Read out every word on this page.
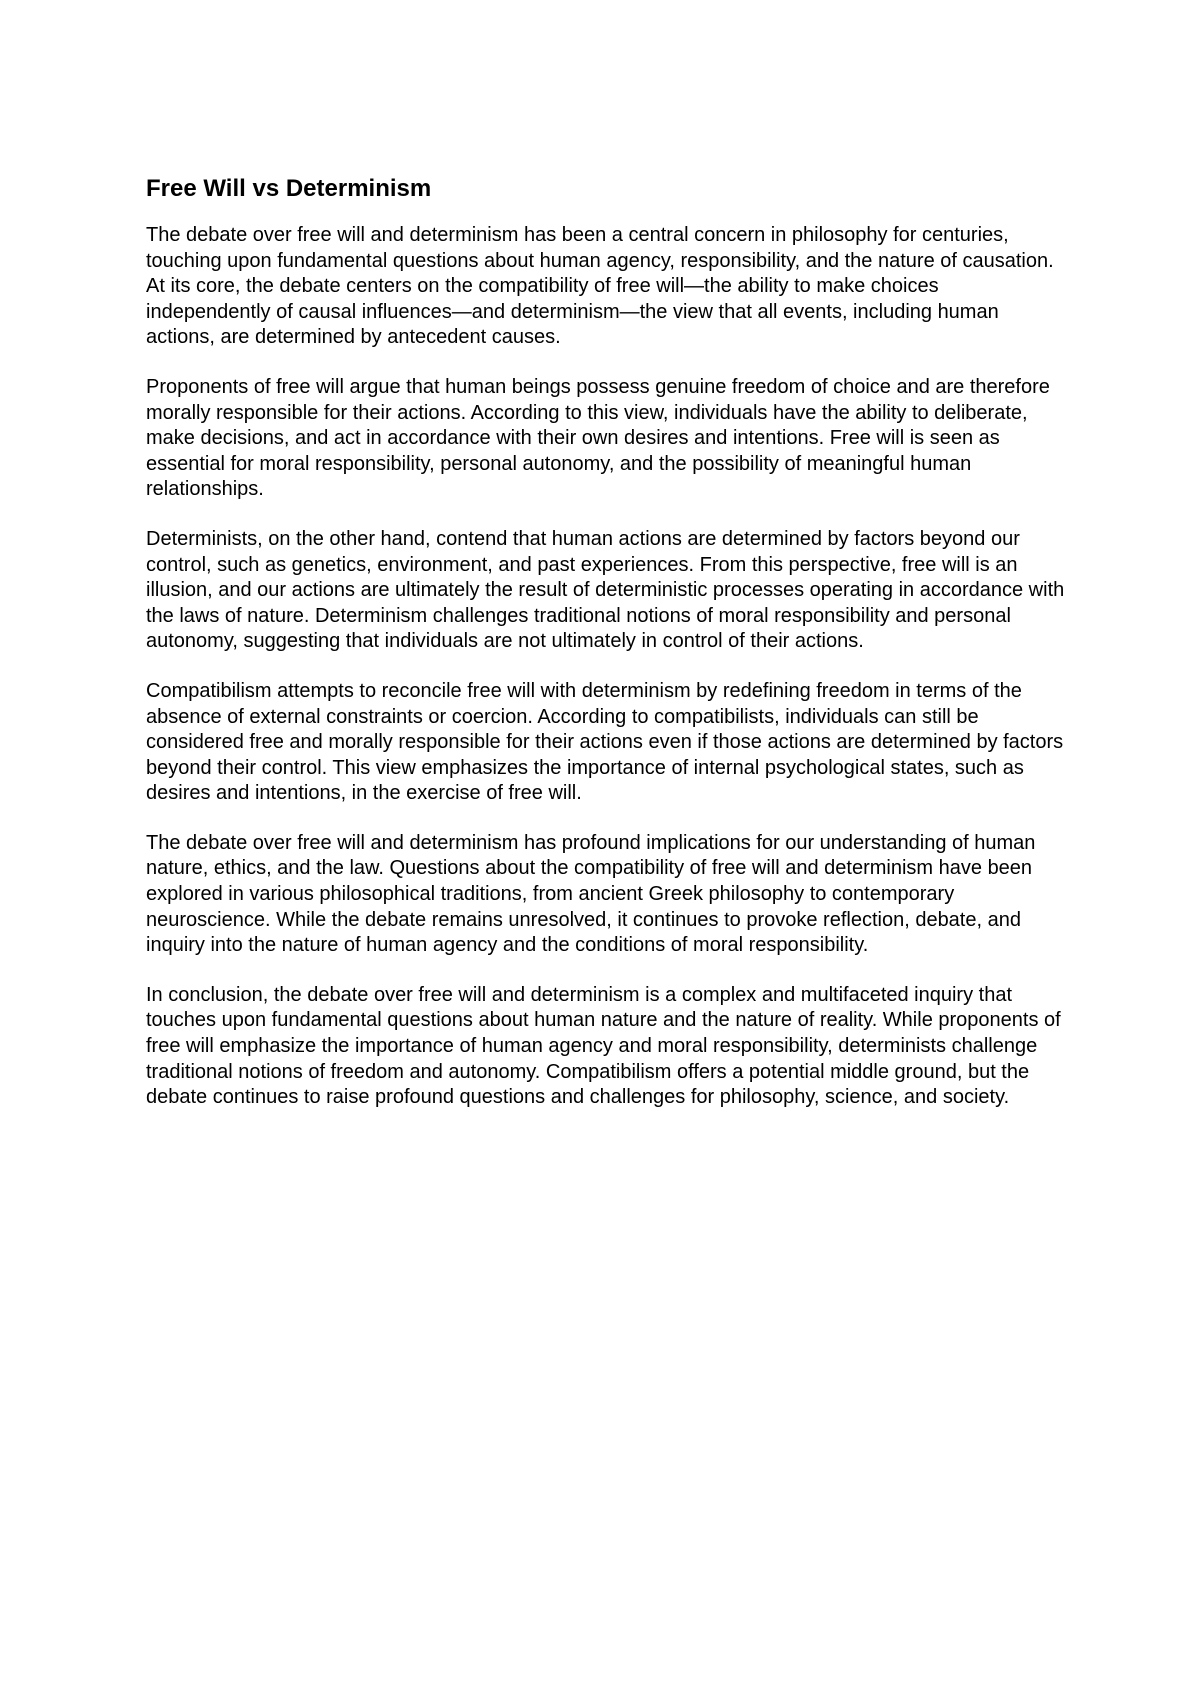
Free Will vs Determinism

The debate over free will and determinism has been a central concern in philosophy for centuries, touching upon fundamental questions about human agency, responsibility, and the nature of causation. At its core, the debate centers on the compatibility of free will—the ability to make choices independently of causal influences—and determinism—the view that all events, including human actions, are determined by antecedent causes.

Proponents of free will argue that human beings possess genuine freedom of choice and are therefore morally responsible for their actions. According to this view, individuals have the ability to deliberate, make decisions, and act in accordance with their own desires and intentions. Free will is seen as essential for moral responsibility, personal autonomy, and the possibility of meaningful human relationships.

Determinists, on the other hand, contend that human actions are determined by factors beyond our control, such as genetics, environment, and past experiences. From this perspective, free will is an illusion, and our actions are ultimately the result of deterministic processes operating in accordance with the laws of nature. Determinism challenges traditional notions of moral responsibility and personal autonomy, suggesting that individuals are not ultimately in control of their actions.

Compatibilism attempts to reconcile free will with determinism by redefining freedom in terms of the absence of external constraints or coercion. According to compatibilists, individuals can still be considered free and morally responsible for their actions even if those actions are determined by factors beyond their control. This view emphasizes the importance of internal psychological states, such as desires and intentions, in the exercise of free will.

The debate over free will and determinism has profound implications for our understanding of human nature, ethics, and the law. Questions about the compatibility of free will and determinism have been explored in various philosophical traditions, from ancient Greek philosophy to contemporary neuroscience. While the debate remains unresolved, it continues to provoke reflection, debate, and inquiry into the nature of human agency and the conditions of moral responsibility.

In conclusion, the debate over free will and determinism is a complex and multifaceted inquiry that touches upon fundamental questions about human nature and the nature of reality. While proponents of free will emphasize the importance of human agency and moral responsibility, determinists challenge traditional notions of freedom and autonomy. Compatibilism offers a potential middle ground, but the debate continues to raise profound questions and challenges for philosophy, science, and society.
